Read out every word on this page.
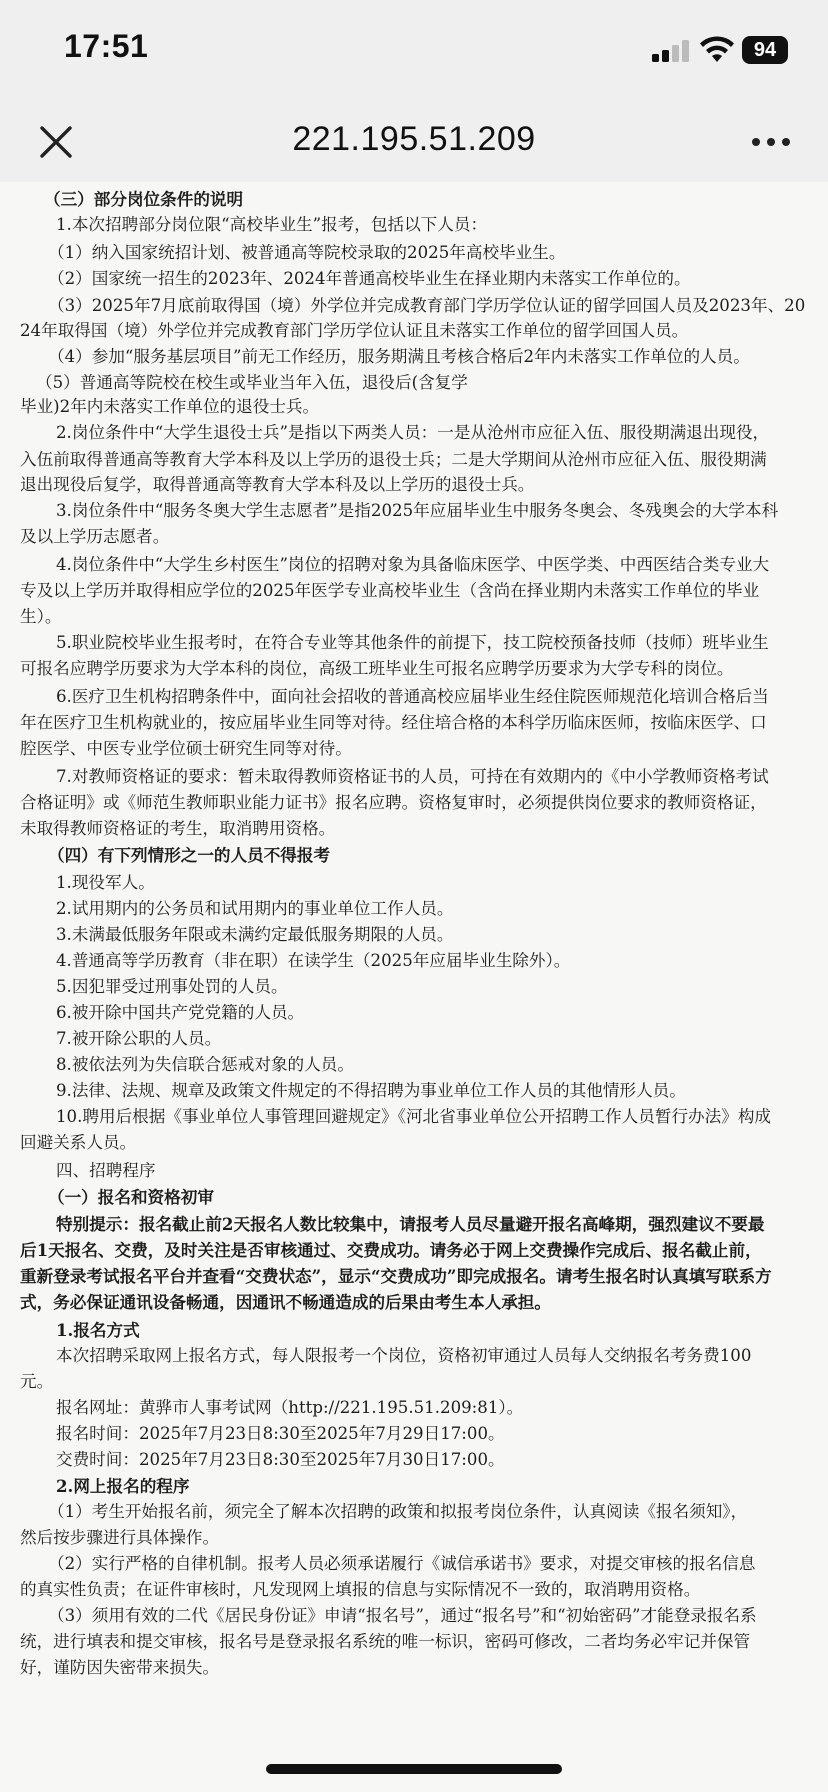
17:51	94
221.195.51.209
（三）部分岗位条件的说明
1.本次招聘部分岗位限“高校毕业生”报考，包括以下人员：
（1）纳入国家统招计划、被普通高等院校录取的2025年高校毕业生。
（2）国家统一招生的2023年、2024年普通高校毕业生在择业期内未落实工作单位的。
（3）2025年7月底前取得国（境）外学位并完成教育部门学历学位认证的留学回国人员及2023年、20
24年取得国（境）外学位并完成教育部门学历学位认证且未落实工作单位的留学回国人员。
（4）参加“服务基层项目”前无工作经历，服务期满且考核合格后2年内未落实工作单位的人员。
（5）普通高等院校在校生或毕业当年入伍，退役后(含复学
毕业)2年内未落实工作单位的退役士兵。
2.岗位条件中“大学生退役士兵”是指以下两类人员：一是从沧州市应征入伍、服役期满退出现役，
入伍前取得普通高等教育大学本科及以上学历的退役士兵；二是大学期间从沧州市应征入伍、服役期满
退出现役后复学，取得普通高等教育大学本科及以上学历的退役士兵。
3.岗位条件中“服务冬奥大学生志愿者”是指2025年应届毕业生中服务冬奥会、冬残奥会的大学本科
及以上学历志愿者。
4.岗位条件中“大学生乡村医生”岗位的招聘对象为具备临床医学、中医学类、中西医结合类专业大
专及以上学历并取得相应学位的2025年医学专业高校毕业生（含尚在择业期内未落实工作单位的毕业
生）。
5.职业院校毕业生报考时，在符合专业等其他条件的前提下，技工院校预备技师（技师）班毕业生
可报名应聘学历要求为大学本科的岗位，高级工班毕业生可报名应聘学历要求为大学专科的岗位。
6.医疗卫生机构招聘条件中，面向社会招收的普通高校应届毕业生经住院医师规范化培训合格后当
年在医疗卫生机构就业的，按应届毕业生同等对待。经住培合格的本科学历临床医师，按临床医学、口
腔医学、中医专业学位硕士研究生同等对待。
7.对教师资格证的要求：暂未取得教师资格证书的人员，可持在有效期内的《中小学教师资格考试
合格证明》或《师范生教师职业能力证书》报名应聘。资格复审时，必须提供岗位要求的教师资格证，
未取得教师资格证的考生，取消聘用资格。
（四）有下列情形之一的人员不得报考
1.现役军人。
2.试用期内的公务员和试用期内的事业单位工作人员。
3.未满最低服务年限或未满约定最低服务期限的人员。
4.普通高等学历教育（非在职）在读学生（2025年应届毕业生除外）。
5.因犯罪受过刑事处罚的人员。
6.被开除中国共产党党籍的人员。
7.被开除公职的人员。
8.被依法列为失信联合惩戒对象的人员。
9.法律、法规、规章及政策文件规定的不得招聘为事业单位工作人员的其他情形人员。
10.聘用后根据《事业单位人事管理回避规定》《河北省事业单位公开招聘工作人员暂行办法》构成
回避关系人员。
四、招聘程序
（一）报名和资格初审
特别提示：报名截止前2天报名人数比较集中，请报考人员尽量避开报名高峰期，强烈建议不要最
后1天报名、交费，及时关注是否审核通过、交费成功。请务必于网上交费操作完成后、报名截止前，
重新登录考试报名平台并查看“交费状态”，显示“交费成功”即完成报名。请考生报名时认真填写联系方
式，务必保证通讯设备畅通，因通讯不畅通造成的后果由考生本人承担。
1.报名方式
本次招聘采取网上报名方式，每人限报考一个岗位，资格初审通过人员每人交纳报名考务费100
元。
报名网址：黄骅市人事考试网（http://221.195.51.209:81）。
报名时间：2025年7月23日8:30至2025年7月29日17:00。
交费时间：2025年7月23日8:30至2025年7月30日17:00。
2.网上报名的程序
（1）考生开始报名前，须完全了解本次招聘的政策和拟报考岗位条件，认真阅读《报名须知》，
然后按步骤进行具体操作。
（2）实行严格的自律机制。报考人员必须承诺履行《诚信承诺书》要求，对提交审核的报名信息
的真实性负责；在证件审核时，凡发现网上填报的信息与实际情况不一致的，取消聘用资格。
（3）须用有效的二代《居民身份证》申请“报名号”，通过“报名号”和“初始密码”才能登录报名系
统，进行填表和提交审核，报名号是登录报名系统的唯一标识，密码可修改，二者均务必牢记并保管
好，谨防因失密带来损失。
